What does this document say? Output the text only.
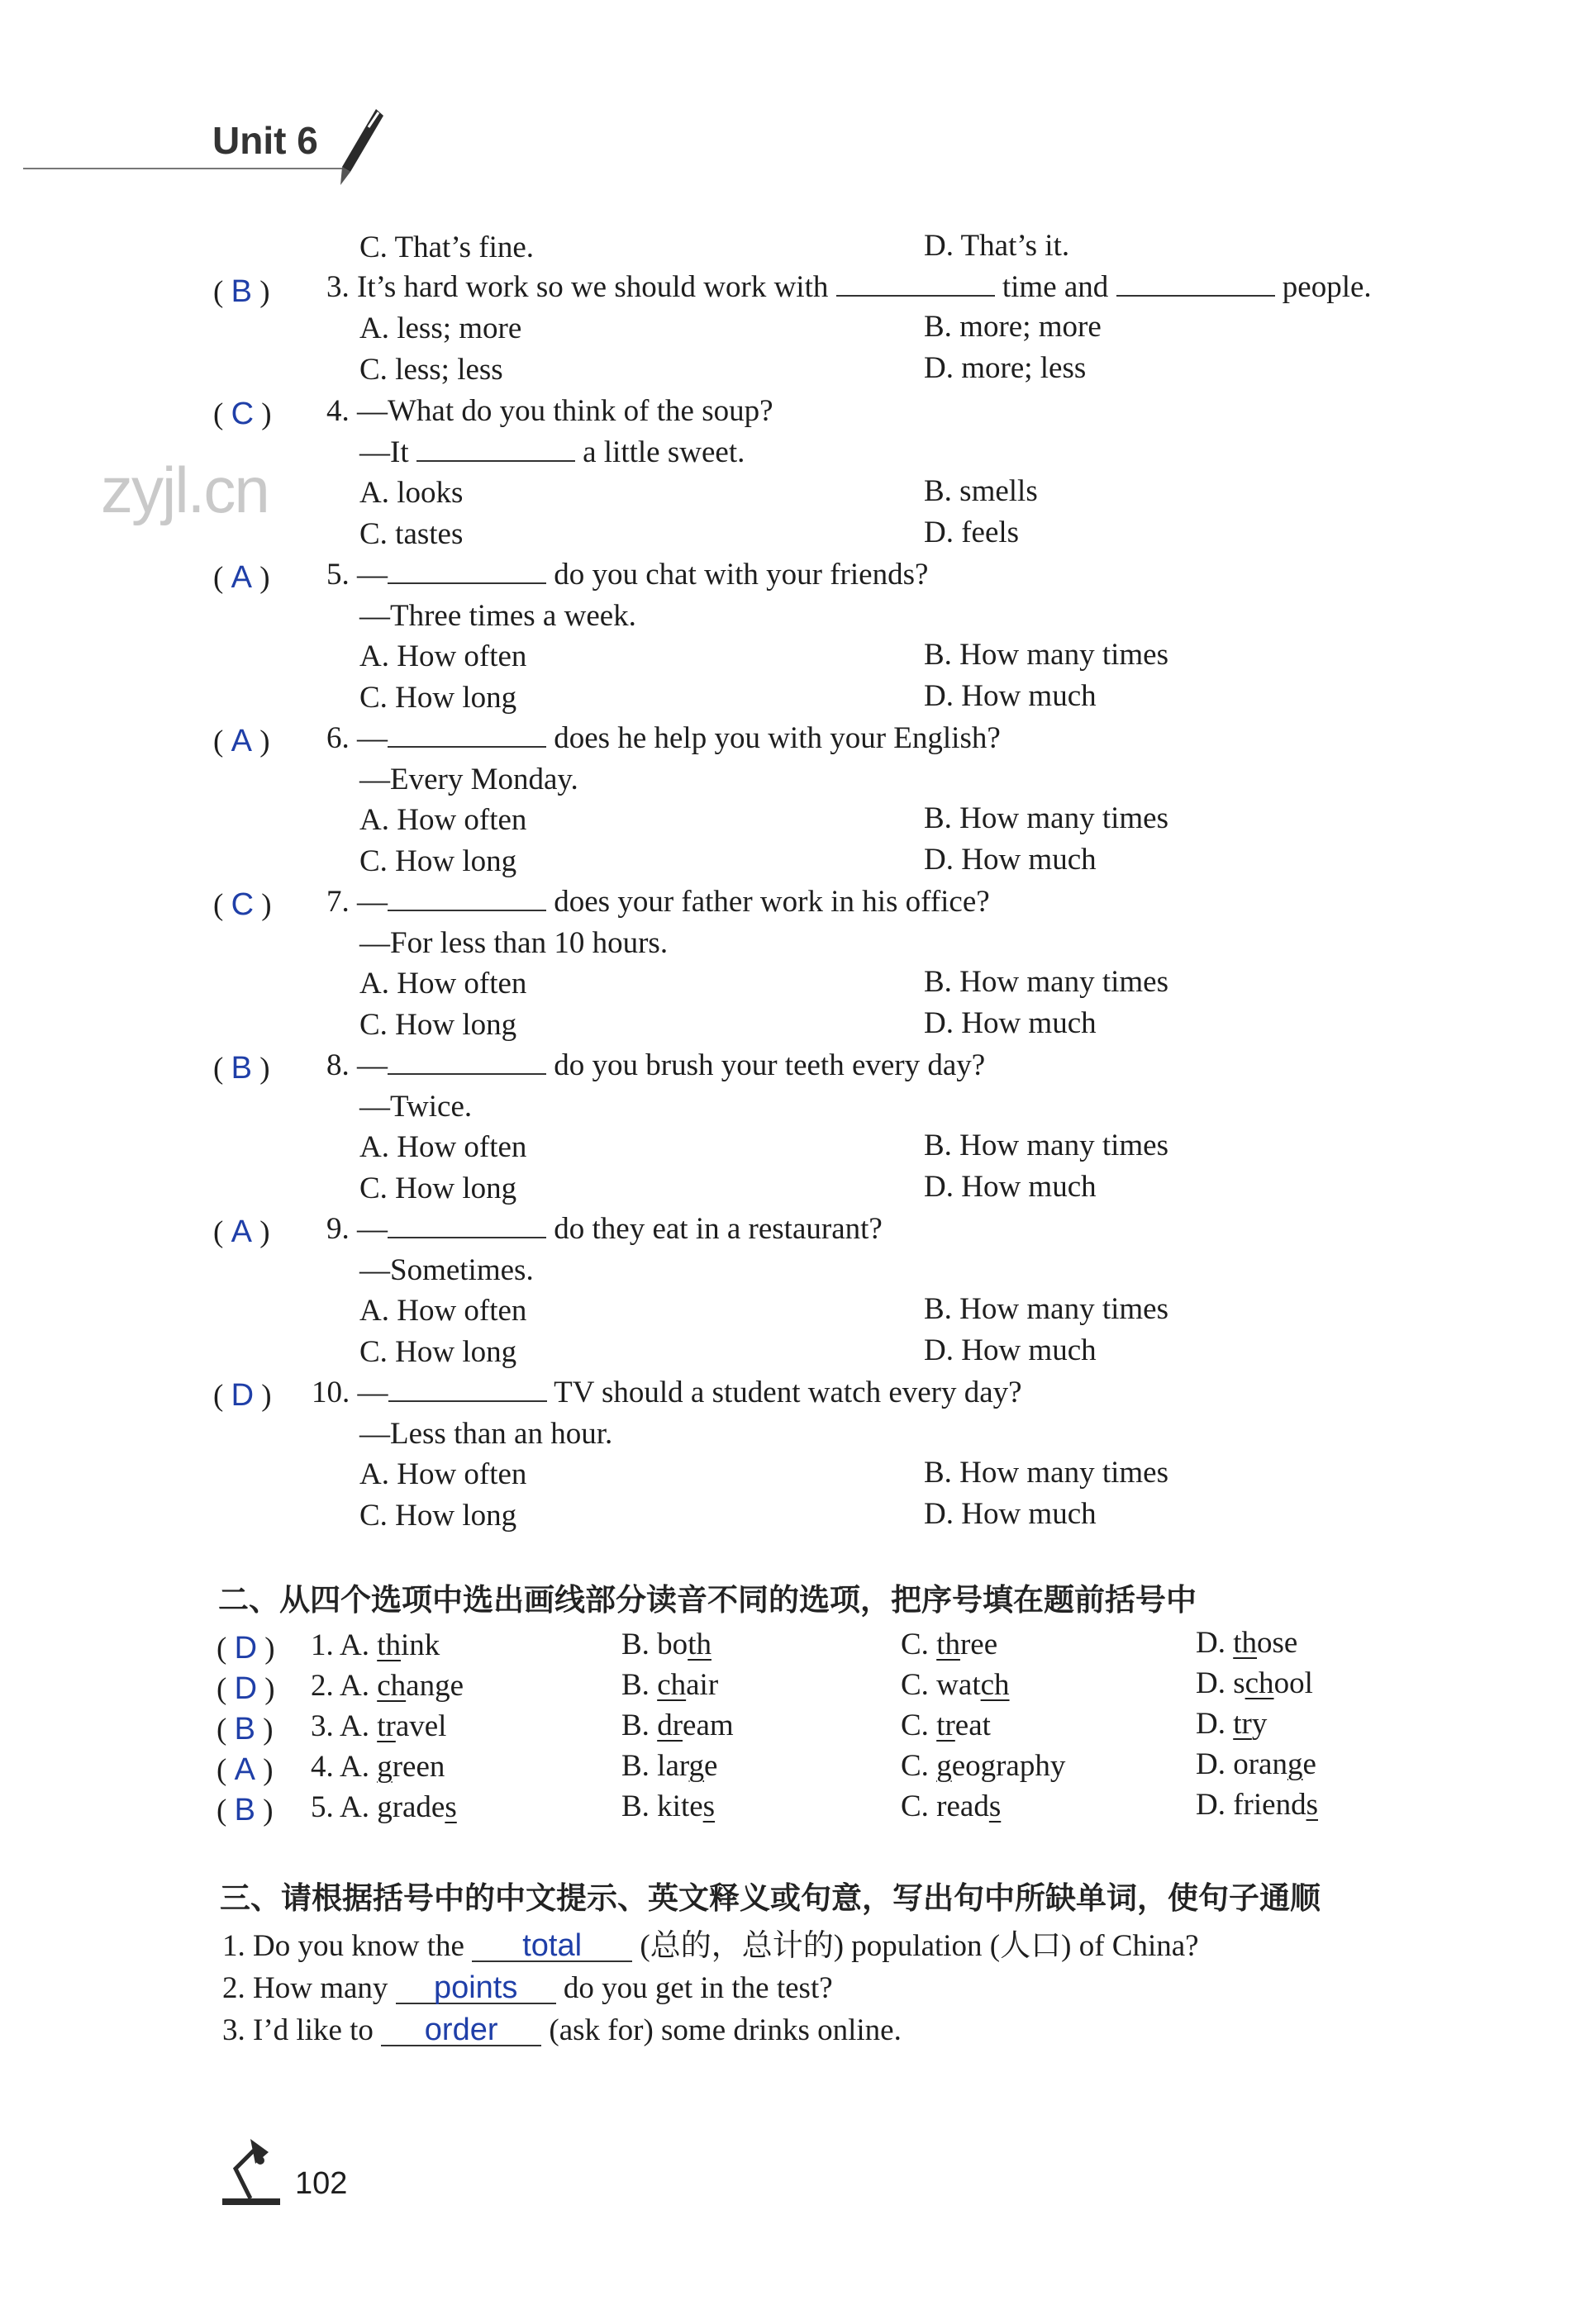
Unit 6
zyjl.cn
C. That’s fine.	D. That’s it.
( B ) 3. It’s hard work so we should work with	time and	people.
A. less; more	B. more; more
C. less; less	D. more; less
( C ) 4. —What do you think of the soup?
—It	a little sweet.
A. looks	B. smells
C. tastes	D. feels
( A ) 5. —	do you chat with your friends?
—Three times a week.
A. How often	B. How many times
C. How long	D. How much
( A ) 6. —	does he help you with your English?
—Every Monday.
A. How often	B. How many times
C. How long	D. How much
( C ) 7. —	does your father work in his office?
—For less than 10 hours.
A. How often	B. How many times
C. How long	D. How much
( B ) 8. —	do you brush your teeth every day?
—Twice.
A. How often	B. How many times
C. How long	D. How much
( A ) 9. —	do they eat in a restaurant?
—Sometimes.
A. How often	B. How many times
C. How long	D. How much
( D ) 10. —	TV should a student watch every day?
—Less than an hour.
A. How often	B. How many times
C. How long	D. How much
二、从四个选项中选出画线部分读音不同的选项，把序号填在题前括号中
( D ) 1. A. think	B. both	C. three	D. those
( D ) 2. A. change	B. chair	C. watch	D. school
( B ) 3. A. travel	B. dream	C. treat	D. try
( A ) 4. A. green	B. large	C. geography	D. orange
( B ) 5. A. grades	B. kites	C. reads	D. friends
三、请根据括号中的中文提示、英文释义或句意，写出句中所缺单词，使句子通顺
1. Do you know the total (总的，总计的) population (人口) of China?
2. How many points do you get in the test?
3. I’d like to order (ask for) some drinks online.
102
